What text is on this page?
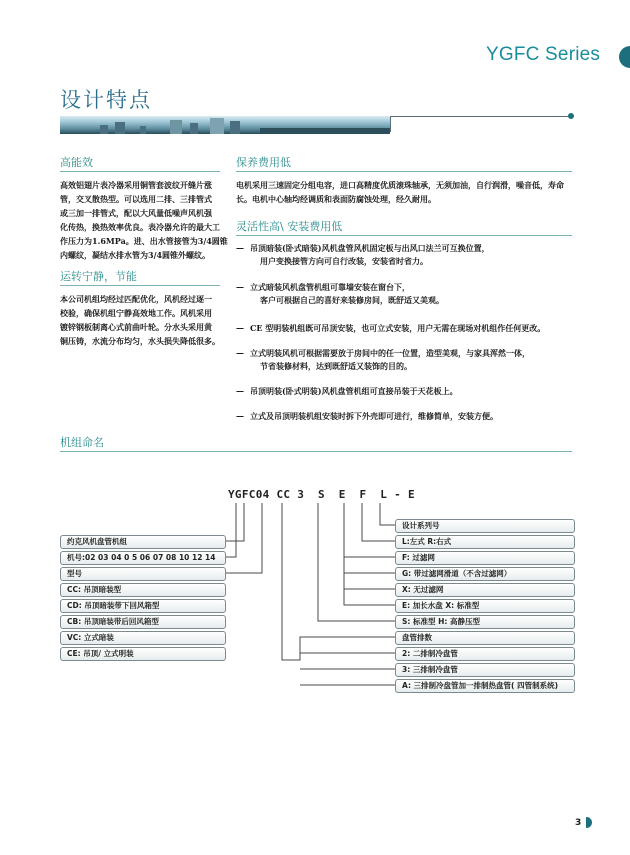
YGFC Series
设计特点
高能效
高效铝翅片表冷器采用铜管套波纹开缝片涨
管，交叉散热型。可以选用二排、三排管式
或三加一排管式，配以大风量低噪声风机强
化传热，换热效率优良。表冷器允许的最大工
作压力为1.6MPa。进、出水管接管为3/4圆锥
内螺纹，凝结水排水管为3/4圆锥外螺纹。
运转宁静，节能
本公司机组均经过匹配优化，风机经过逐一
校验，确保机组宁静高效地工作。风机采用
镀锌钢板制离心式前曲叶轮。分水头采用黄
铜压铸，水流分布均匀，水头损失降低很多。
保养费用低
电机采用三速固定分组电容，进口高精度优质滚珠轴承，无须加油，自行润滑，噪音低，寿命
长。电机中心轴均经调质和表面防腐蚀处理，经久耐用。
灵活性高\ 安装费用低
— 吊顶暗装(卧式暗装)风机盘管风机固定板与出风口法兰可互换位置，
用户变换接管方向可自行改装，安装省时省力。
— 立式暗装风机盘管机组可靠墙安装在窗台下，
客户可根据自己的喜好来装修房间，既舒适又美观。
— CE 型明装机组既可吊顶安装，也可立式安装，用户无需在现场对机组作任何更改。
— 立式明装风机可根据需要放于房间中的任一位置，造型美观，与家具浑然一体，
节省装修材料，达到既舒适又装饰的目的。
— 吊顶明装(卧式明装)风机盘管机组可直接吊装于天花板上。
— 立式及吊顶明装机组安装时拆下外壳即可进行，维修简单，安装方便。
机组命名
YGFC04 CC 3  S  E  F  L - E
约克风机盘管机组
机号:02 03 04 0 5 06 07 08 10 12 14
型号
CC: 吊顶暗装型
CD: 吊顶暗装带下回风箱型
CB: 吊顶暗装带后回风箱型
VC: 立式暗装
CE: 吊顶/ 立式明装
设计系列号
L:左式 R:右式
F: 过滤网
G: 带过滤网滑道（不含过滤网）
X: 无过滤网
E: 加长水盘 X: 标准型
S: 标准型 H: 高静压型
盘管排数
2: 二排制冷盘管
3: 三排制冷盘管
A: 三排制冷盘管加一排制热盘管( 四管制系统)
3
